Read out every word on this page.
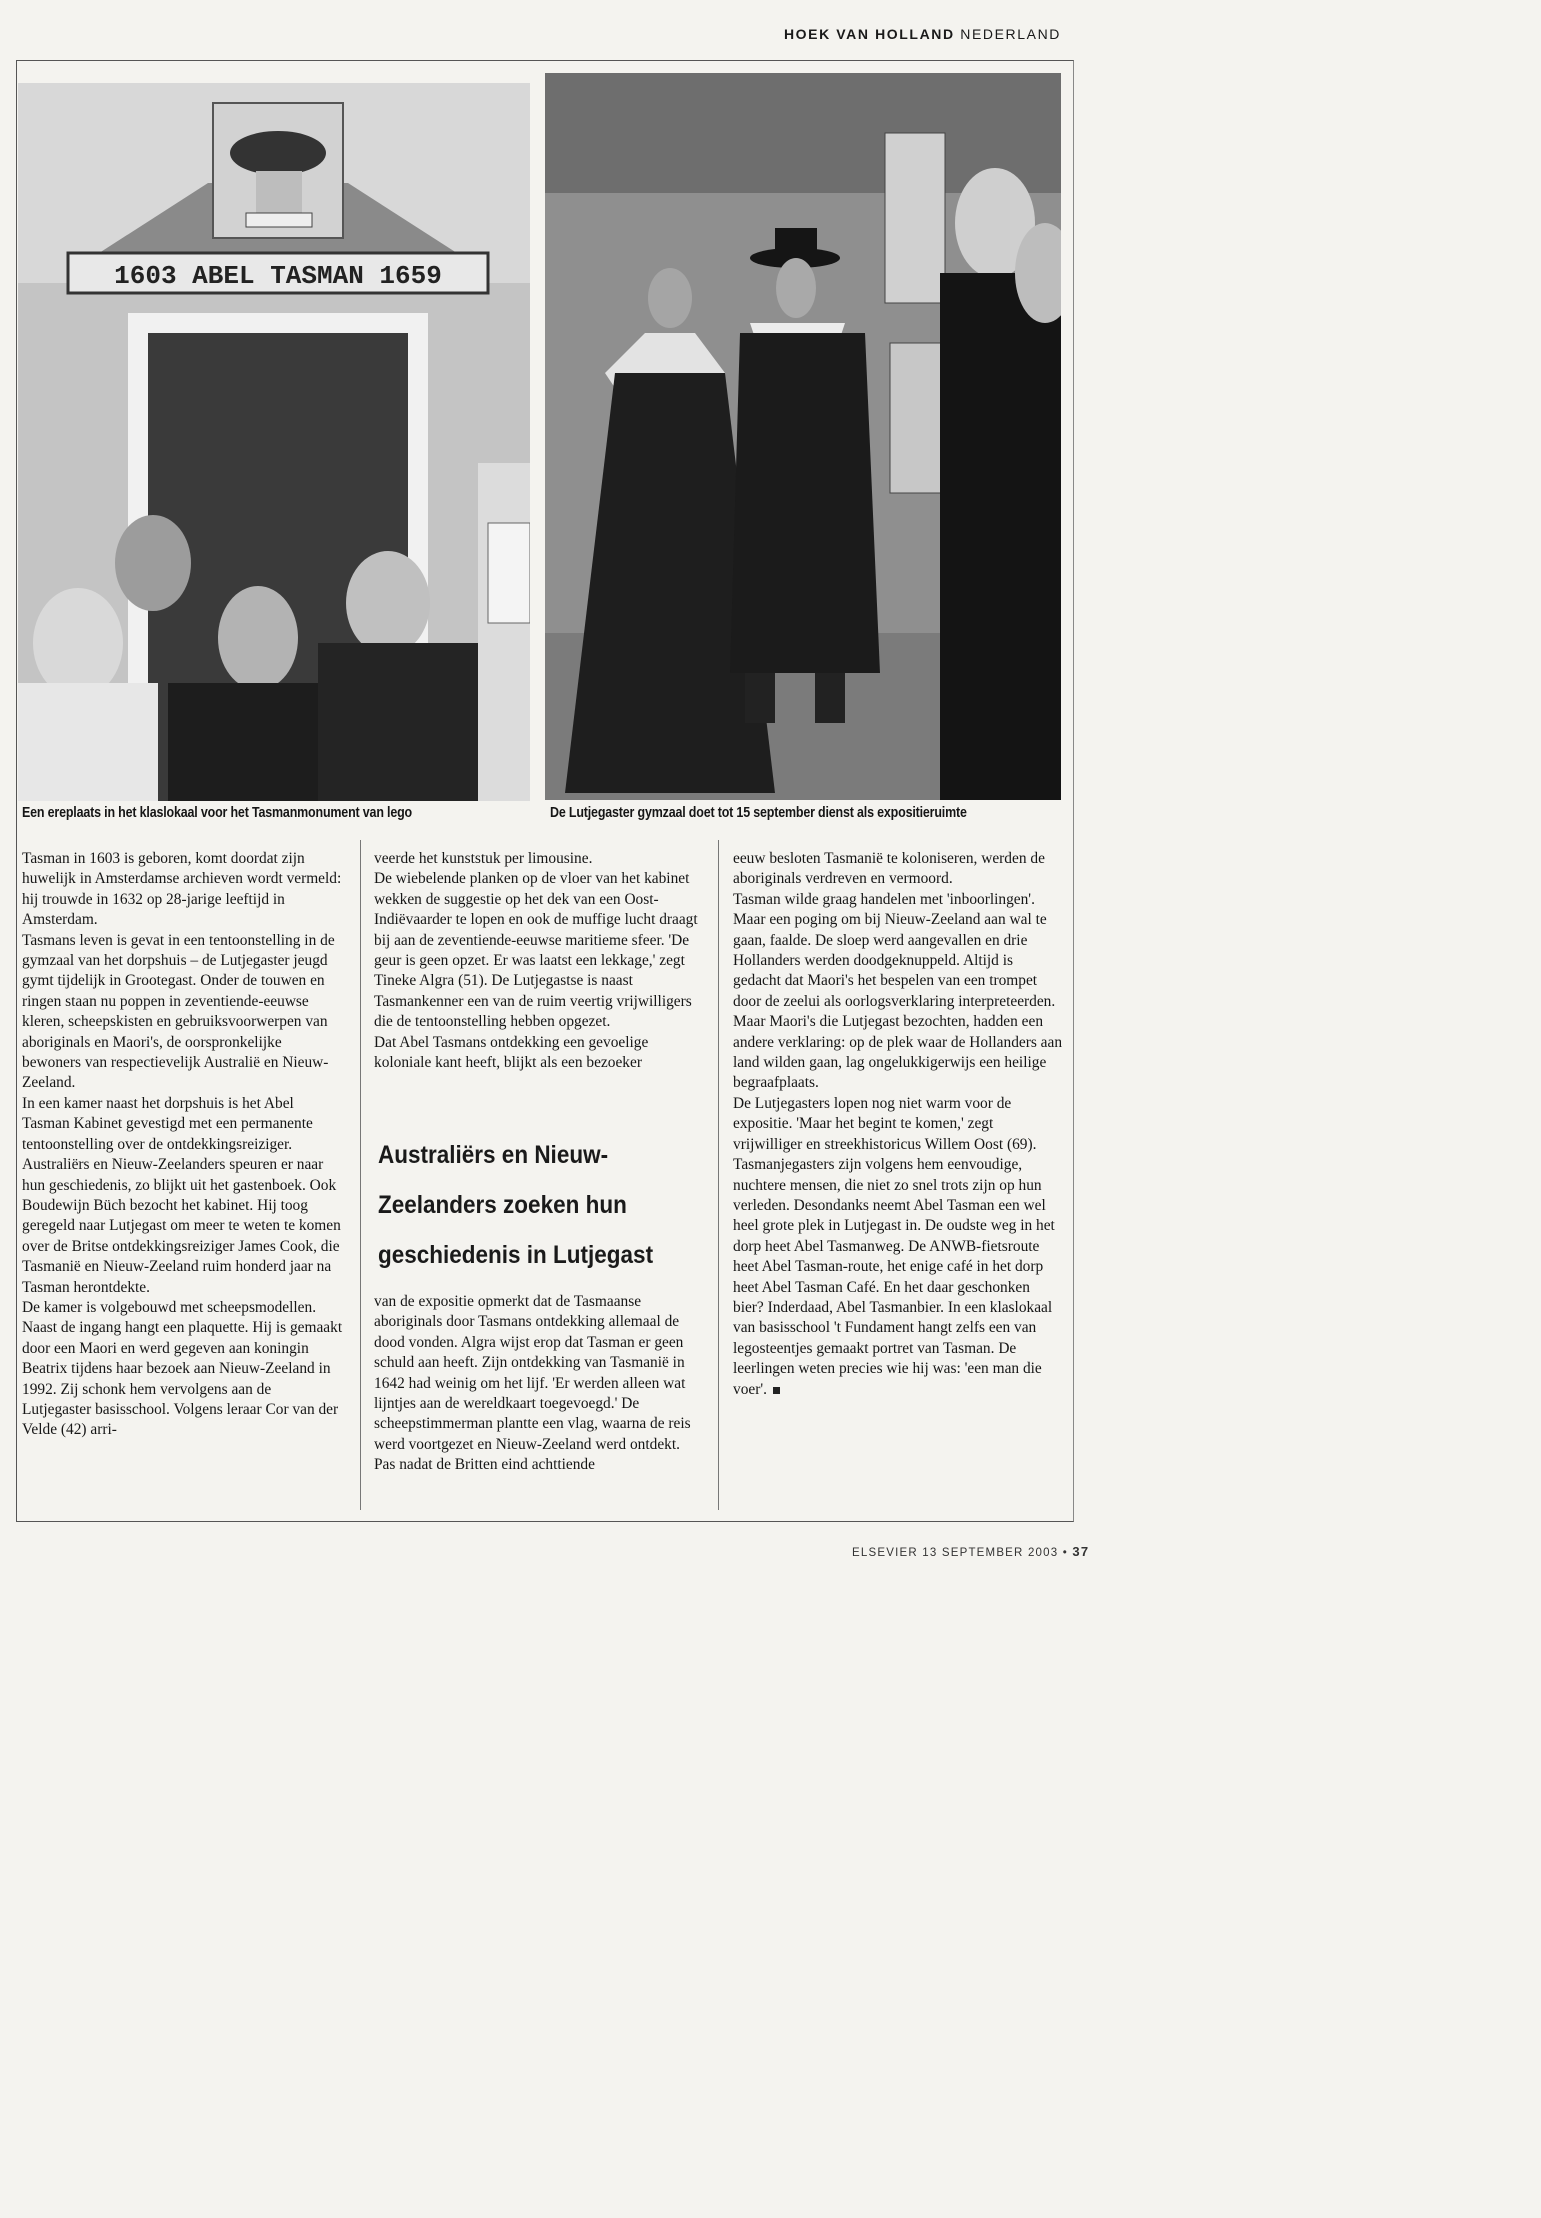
HOEK VAN HOLLAND NEDERLAND
1603 ABEL TASMAN 1659
Een ereplaats in het klaslokaal voor het Tasmanmonument van lego	De Lutjegaster gymzaal doet tot 15 september dienst als expositieruimte

Tasman in 1603 is geboren, komt doordat zijn huwelijk in Amsterdamse archieven wordt vermeld: hij trouwde in 1632 op 28-jarige leeftijd in Amsterdam.

Tasmans leven is gevat in een tentoonstelling in de gymzaal van het dorpshuis – de Lutjegaster jeugd gymt tijdelijk in Grootegast. Onder de touwen en ringen staan nu poppen in zeventiende-eeuwse kleren, scheepskisten en gebruiksvoorwerpen van aboriginals en Maori's, de oorspronkelijke bewoners van respectievelijk Australië en Nieuw-Zeeland.

In een kamer naast het dorpshuis is het Abel Tasman Kabinet gevestigd met een permanente tentoonstelling over de ontdekkingsreiziger. Australiërs en Nieuw-Zeelanders speuren er naar hun geschiedenis, zo blijkt uit het gastenboek. Ook Boudewijn Büch bezocht het kabinet. Hij toog geregeld naar Lutjegast om meer te weten te komen over de Britse ontdekkingsreiziger James Cook, die Tasmanië en Nieuw-Zeeland ruim honderd jaar na Tasman herontdekte.

De kamer is volgebouwd met scheepsmodellen. Naast de ingang hangt een plaquette. Hij is gemaakt door een Maori en werd gegeven aan koningin Beatrix tijdens haar bezoek aan Nieuw-Zeeland in 1992. Zij schonk hem vervolgens aan de Lutjegaster basisschool. Volgens leraar Cor van der Velde (42) arri-

veerde het kunststuk per limousine.

De wiebelende planken op de vloer van het kabinet wekken de suggestie op het dek van een Oost-Indiëvaarder te lopen en ook de muffige lucht draagt bij aan de zeventiende-eeuwse maritieme sfeer. 'De geur is geen opzet. Er was laatst een lekkage,' zegt Tineke Algra (51). De Lutjegastse is naast Tasmankenner een van de ruim veertig vrijwilligers die de tentoonstelling hebben opgezet.

Dat Abel Tasmans ontdekking een gevoelige koloniale kant heeft, blijkt als een bezoeker

Australiërs en Nieuw-Zeelanders zoeken hun geschiedenis in Lutjegast

van de expositie opmerkt dat de Tasmaanse aboriginals door Tasmans ontdekking allemaal de dood vonden. Algra wijst erop dat Tasman er geen schuld aan heeft. Zijn ontdekking van Tasmanië in 1642 had weinig om het lijf. 'Er werden alleen wat lijntjes aan de wereldkaart toegevoegd.' De scheepstimmerman plantte een vlag, waarna de reis werd voortgezet en Nieuw-Zeeland werd ontdekt. Pas nadat de Britten eind achttiende

eeuw besloten Tasmanië te koloniseren, werden de aboriginals verdreven en vermoord.

Tasman wilde graag handelen met 'inboorlingen'. Maar een poging om bij Nieuw-Zeeland aan wal te gaan, faalde. De sloep werd aangevallen en drie Hollanders werden doodgeknuppeld. Altijd is gedacht dat Maori's het bespelen van een trompet door de zeelui als oorlogsverklaring interpreteerden. Maar Maori's die Lutjegast bezochten, hadden een andere verklaring: op de plek waar de Hollanders aan land wilden gaan, lag ongelukkigerwijs een heilige begraafplaats.

De Lutjegasters lopen nog niet warm voor de expositie. 'Maar het begint te komen,' zegt vrijwilliger en streekhistoricus Willem Oost (69). Tasmanjegasters zijn volgens hem eenvoudige, nuchtere mensen, die niet zo snel trots zijn op hun verleden. Desondanks neemt Abel Tasman een wel heel grote plek in Lutjegast in. De oudste weg in het dorp heet Abel Tasmanweg. De ANWB-fietsroute heet Abel Tasman-route, het enige café in het dorp heet Abel Tasman Café. En het daar geschonken bier? Inderdaad, Abel Tasmanbier. In een klaslokaal van basisschool 't Fundament hangt zelfs een van legosteentjes gemaakt portret van Tasman. De leerlingen weten precies wie hij was: 'een man die voer'.

ELSEVIER 13 SEPTEMBER 2003 • 37
